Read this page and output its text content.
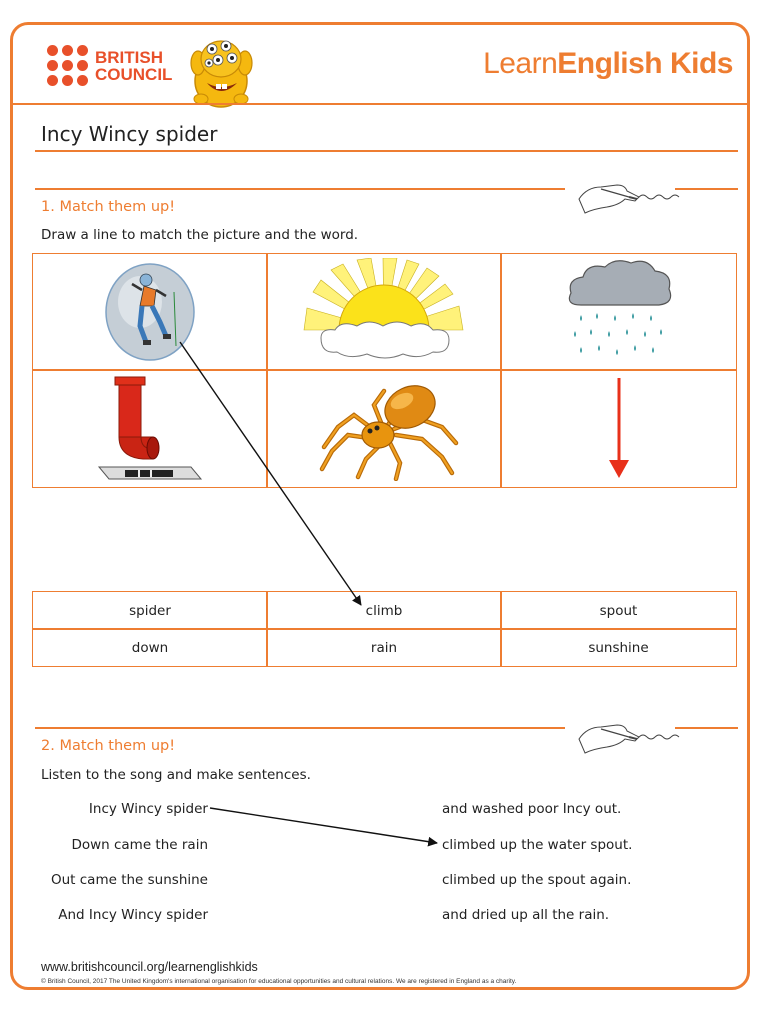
BRITISH
COUNCIL	LearnEnglish Kids
Incy Wincy spider
1. Match them up!
Draw a line to match the picture and the word.
spider	climb	spout
down	rain	sunshine
2. Match them up!
Listen to the song and make sentences.
Incy Wincy spider
Down came the rain
Out came the sunshine
And Incy Wincy spider
and washed poor Incy out.
climbed up the water spout.
climbed up the spout again.
and dried up all the rain.
www.britishcouncil.org/learnenglishkids
© British Council, 2017 The United Kingdom's international organisation for educational opportunities and cultural relations. We are registered in England as a charity.
